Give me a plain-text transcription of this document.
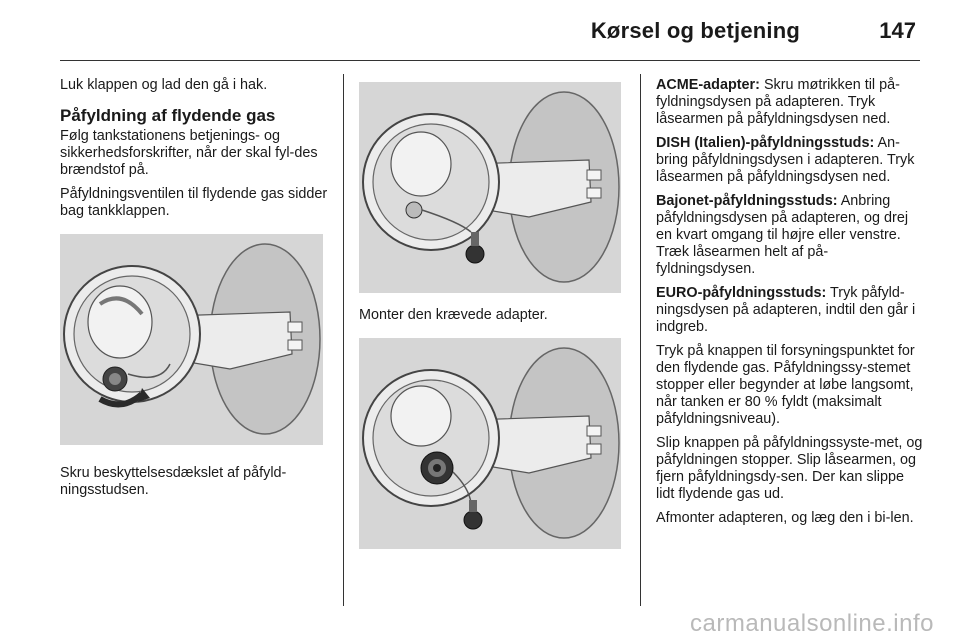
Kørsel og betjening	147

Luk klappen og lad den gå i hak.

Påfyldning af flydende gas

Følg tankstationens betjenings- og sikkerhedsforskrifter, når der skal fyl-des brændstof på.

Påfyldningsventilen til flydende gas sidder bag tankklappen.

Skru beskyttelsesdækslet af påfyld-ningsstudsen.

Monter den krævede adapter.

ACME-adapter: Skru møtrikken til på-fyldningsdysen på adapteren. Tryk låsearmen på påfyldningsdysen ned.

DISH (Italien)-påfyldningsstuds: An-bring påfyldningsdysen i adapteren. Tryk låsearmen på påfyldningsdysen ned.

Bajonet-påfyldningsstuds: Anbring påfyldningsdysen på adapteren, og drej en kvart omgang til højre eller venstre. Træk låsearmen helt af på-fyldningsdysen.

EURO-påfyldningsstuds: Tryk påfyld-ningsdysen på adapteren, indtil den går i indgreb.

Tryk på knappen til forsyningspunktet for den flydende gas. Påfyldningssy-stemet stopper eller begynder at løbe langsomt, når tanken er 80 % fyldt (maksimalt påfyldningsniveau).

Slip knappen på påfyldningssyste-met, og påfyldningen stopper. Slip låsearmen, og fjern påfyldningsdy-sen. Der kan slippe lidt flydende gas ud.

Afmonter adapteren, og læg den i bi-len.

carmanualsonline.info
